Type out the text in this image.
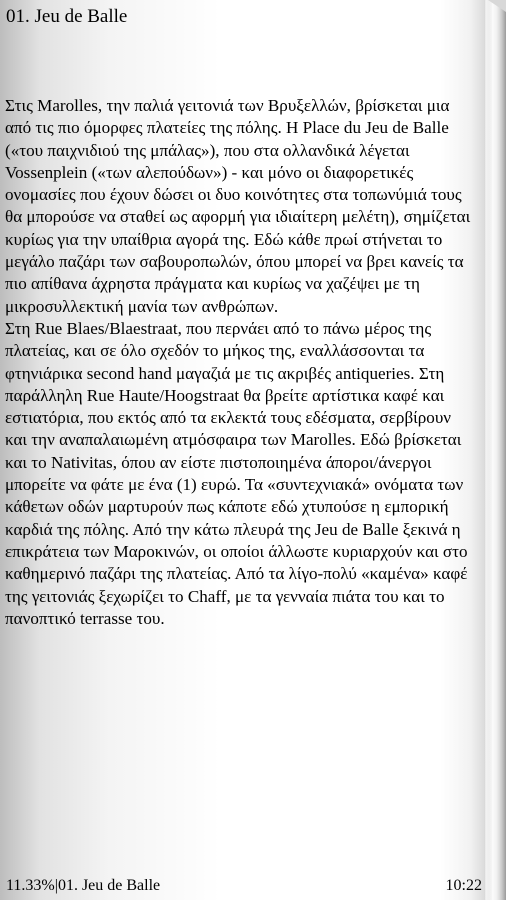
01. Jeu de Balle

Στις Marolles, την παλιά γειτονιά των Βρυξελλών, βρίσκεται μια από τις πιο όμορφες πλατείες της πόλης. Η Place du Jeu de Balle («του παιχνιδιού της μπάλας»), που στα ολλανδικά λέγεται Vossenplein («των αλεπούδων») - και μόνο οι διαφορετικές ονομασίες που έχουν δώσει οι δυο κοινότητες στα τοπωνύμιά τους θα μπορούσε να σταθεί ως αφορμή για ιδιαίτερη μελέτη), σημίζεται κυρίως για την υπαίθρια αγορά της. Εδώ κάθε πρωί στήνεται το μεγάλο παζάρι των σαβουροπωλών, όπου μπορεί να βρει κανείς τα πιο απίθανα άχρηστα πράγματα και κυρίως να χαζέψει με τη μικροσυλλεκτική μανία των ανθρώπων.

Στη Rue Blaes/Blaestraat, που περνάει από το πάνω μέρος της πλατείας, και σε όλο σχεδόν το μήκος της, εναλλάσσονται τα φτηνιάρικα second hand μαγαζιά με τις ακριβές antiqueries. Στη παράλληλη Rue Haute/Hoogstraat θα βρείτε αρτίστικα καφέ και εστιατόρια, που εκτός από τα εκλεκτά τους εδέσματα, σερβίρουν και την αναπαλαιωμένη ατμόσφαιρα των Marolles. Εδώ βρίσκεται και το Nativitas, όπου αν είστε πιστοποιημένα άποροι/άνεργοι μπορείτε να φάτε με ένα (1) ευρώ. Τα «συντεχνιακά» ονόματα των κάθετων οδών μαρτυρούν πως κάποτε εδώ χτυπούσε η εμπορική καρδιά της πόλης. Από την κάτω πλευρά της Jeu de Balle ξεκινά η επικράτεια των Μαροκινών, οι οποίοι άλλωστε κυριαρχούν και στο καθημερινό παζάρι της πλατείας. Από τα λίγο-πολύ «καμένα» καφέ της γειτονιάς ξεχωρίζει το Chaff, με τα γενναία πιάτα του και το πανοπτικό terrasse του.

11.33%|01. Jeu de Balle	10:22
